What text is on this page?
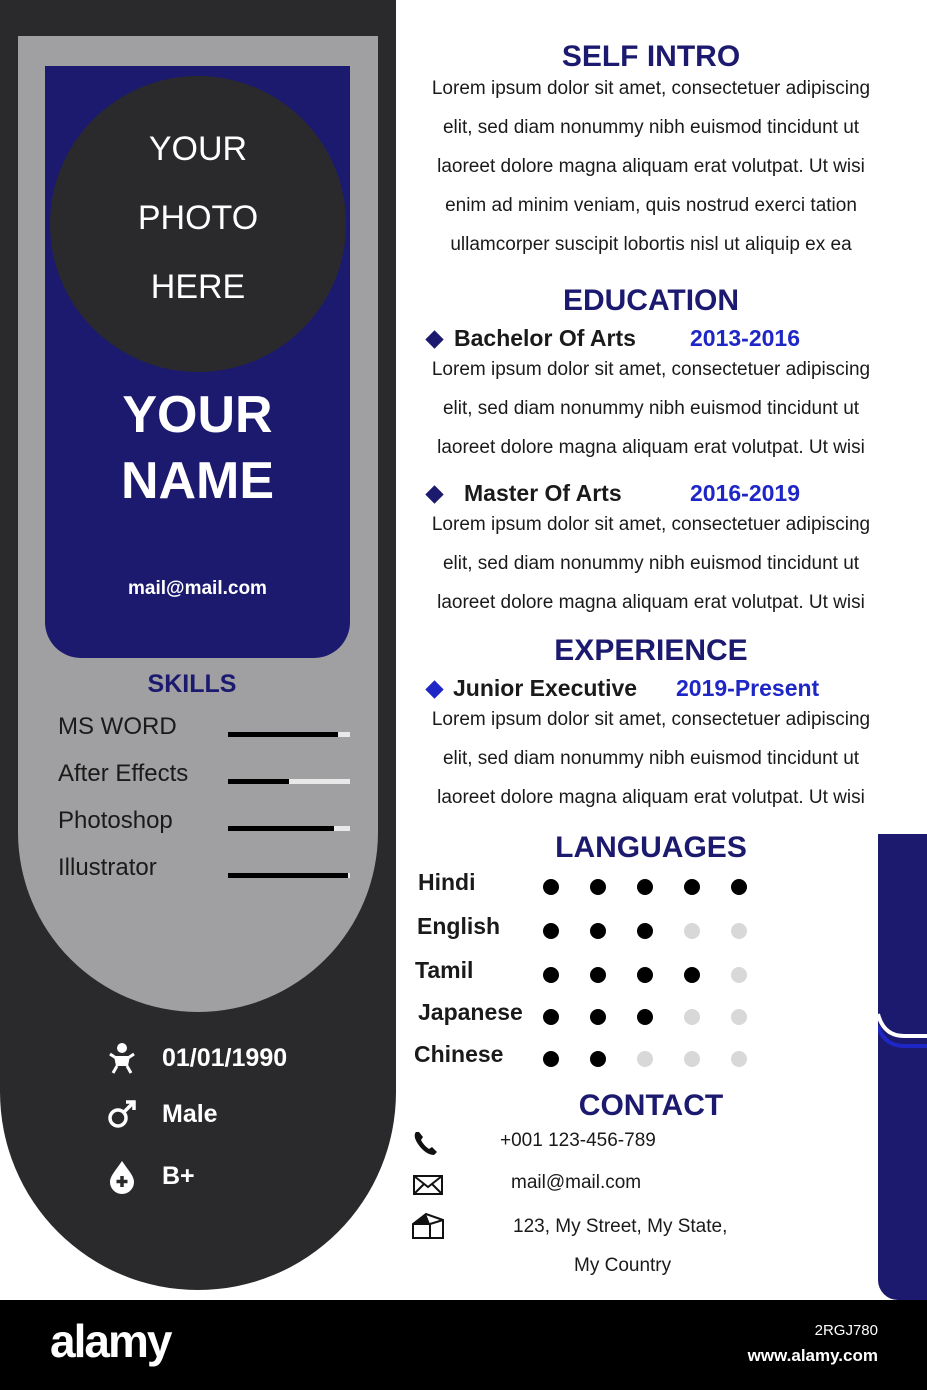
YOUR
PHOTO
HERE
YOUR
NAME
mail@mail.com
SKILLS
MS WORD
After Effects
Photoshop
Illustrator
01/01/1990
Male
B+
SELF INTRO
Lorem ipsum dolor sit amet, consectetuer adipiscing
elit, sed diam nonummy nibh euismod tincidunt ut
laoreet dolore magna aliquam erat volutpat. Ut wisi
enim ad minim veniam, quis nostrud exerci tation
ullamcorper suscipit lobortis nisl ut aliquip ex ea
EDUCATION
Bachelor Of Arts 2013-2016
Lorem ipsum dolor sit amet, consectetuer adipiscing
elit, sed diam nonummy nibh euismod tincidunt ut
laoreet dolore magna aliquam erat volutpat. Ut wisi
Master Of Arts	2016-2019
Lorem ipsum dolor sit amet, consectetuer adipiscing
elit, sed diam nonummy nibh euismod tincidunt ut
laoreet dolore magna aliquam erat volutpat. Ut wisi
EXPERIENCE
Junior Executive 2019-Present
Lorem ipsum dolor sit amet, consectetuer adipiscing
elit, sed diam nonummy nibh euismod tincidunt ut
laoreet dolore magna aliquam erat volutpat. Ut wisi
LANGUAGES
Hindi
English
Tamil
Japanese
Chinese
CONTACT
+001 123-456-789
mail@mail.com
123, My Street, My State,
My Country
alamy	2RGJ780
www.alamy.com
